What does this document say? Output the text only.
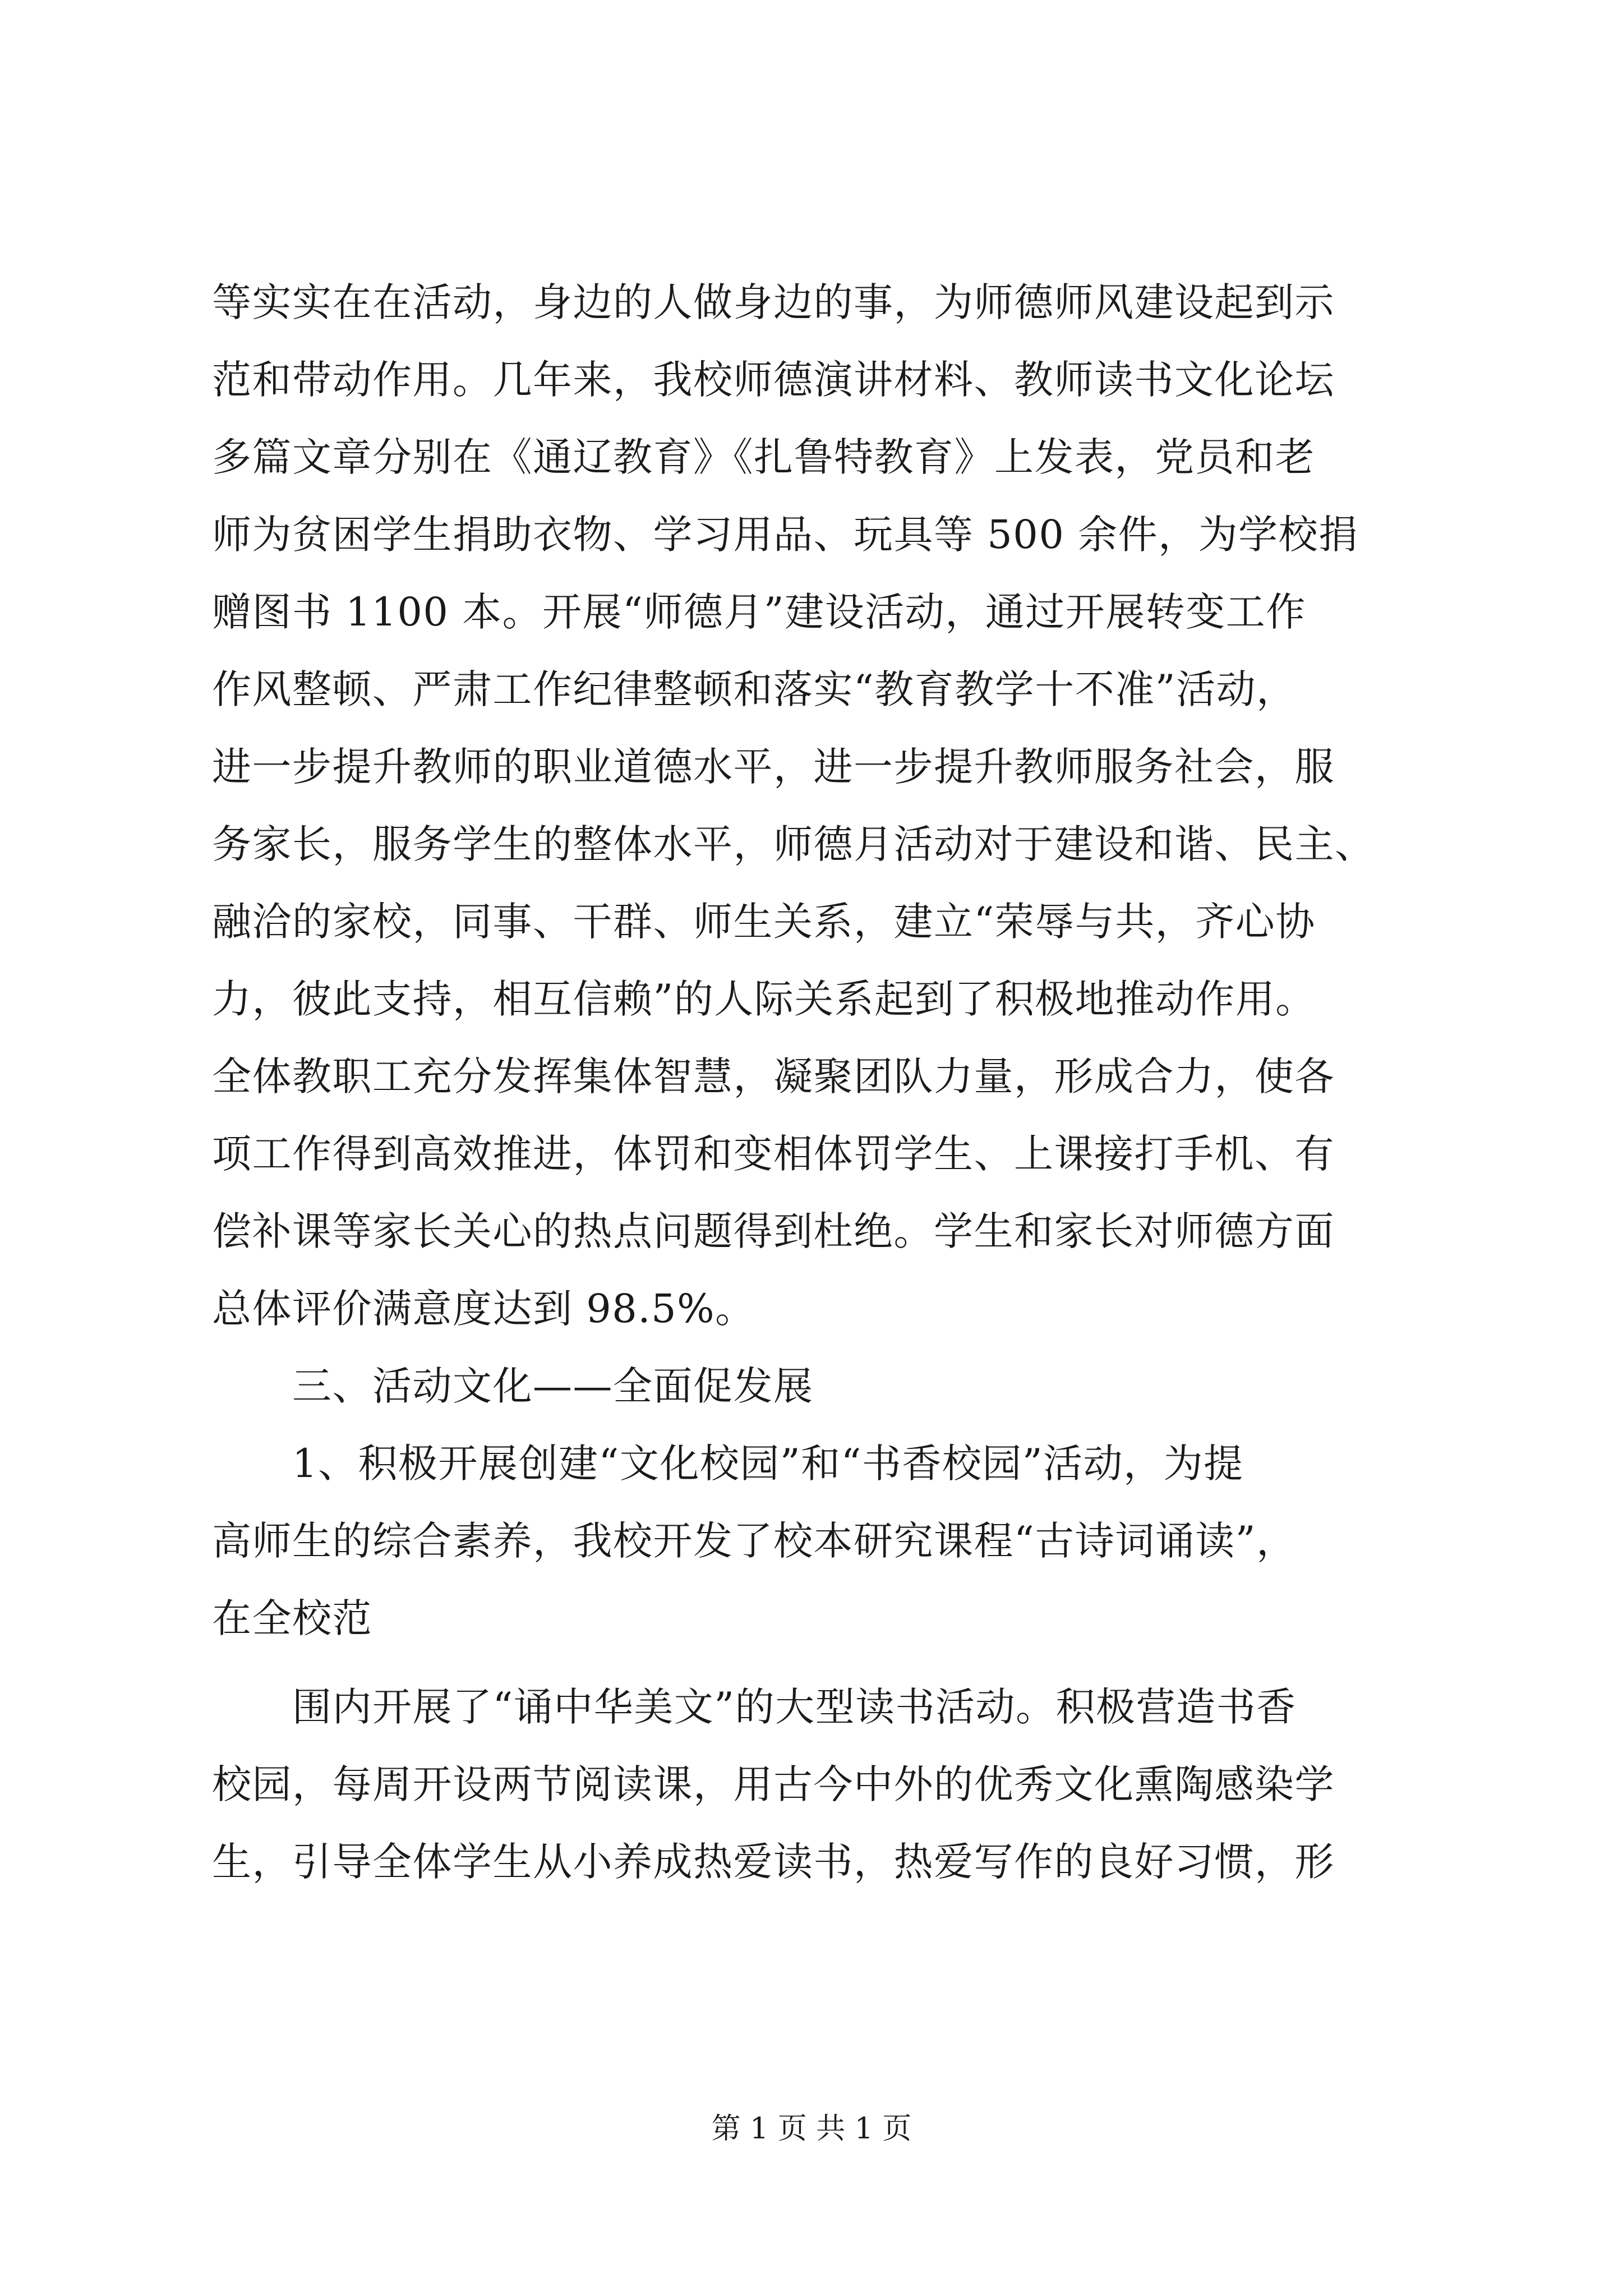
等实实在在活动，身边的人做身边的事，为师德师风建设起到示
范和带动作用。几年来，我校师德演讲材料、教师读书文化论坛
多篇文章分别在《通辽教育》《扎鲁特教育》上发表，党员和老
师为贫困学生捐助衣物、学习用品、玩具等 500 余件，为学校捐
赠图书 1100 本。开展“师德月”建设活动，通过开展转变工作
作风整顿、严肃工作纪律整顿和落实“教育教学十不准”活动，
进一步提升教师的职业道德水平，进一步提升教师服务社会，服
务家长，服务学生的整体水平，师德月活动对于建设和谐、民主、
融洽的家校，同事、干群、师生关系，建立“荣辱与共，齐心协
力，彼此支持，相互信赖”的人际关系起到了积极地推动作用。
全体教职工充分发挥集体智慧，凝聚团队力量，形成合力，使各
项工作得到高效推进，体罚和变相体罚学生、上课接打手机、有
偿补课等家长关心的热点问题得到杜绝。学生和家长对师德方面
总体评价满意度达到 98.5%。
　　三、活动文化——全面促发展
　　1、积极开展创建“文化校园”和“书香校园”活动，为提
高师生的综合素养，我校开发了校本研究课程“古诗词诵读”，
在全校范
　　围内开展了“诵中华美文”的大型读书活动。积极营造书香
校园，每周开设两节阅读课，用古今中外的优秀文化熏陶感染学
生，引导全体学生从小养成热爱读书，热爱写作的良好习惯，形
第 1 页 共 1 页
